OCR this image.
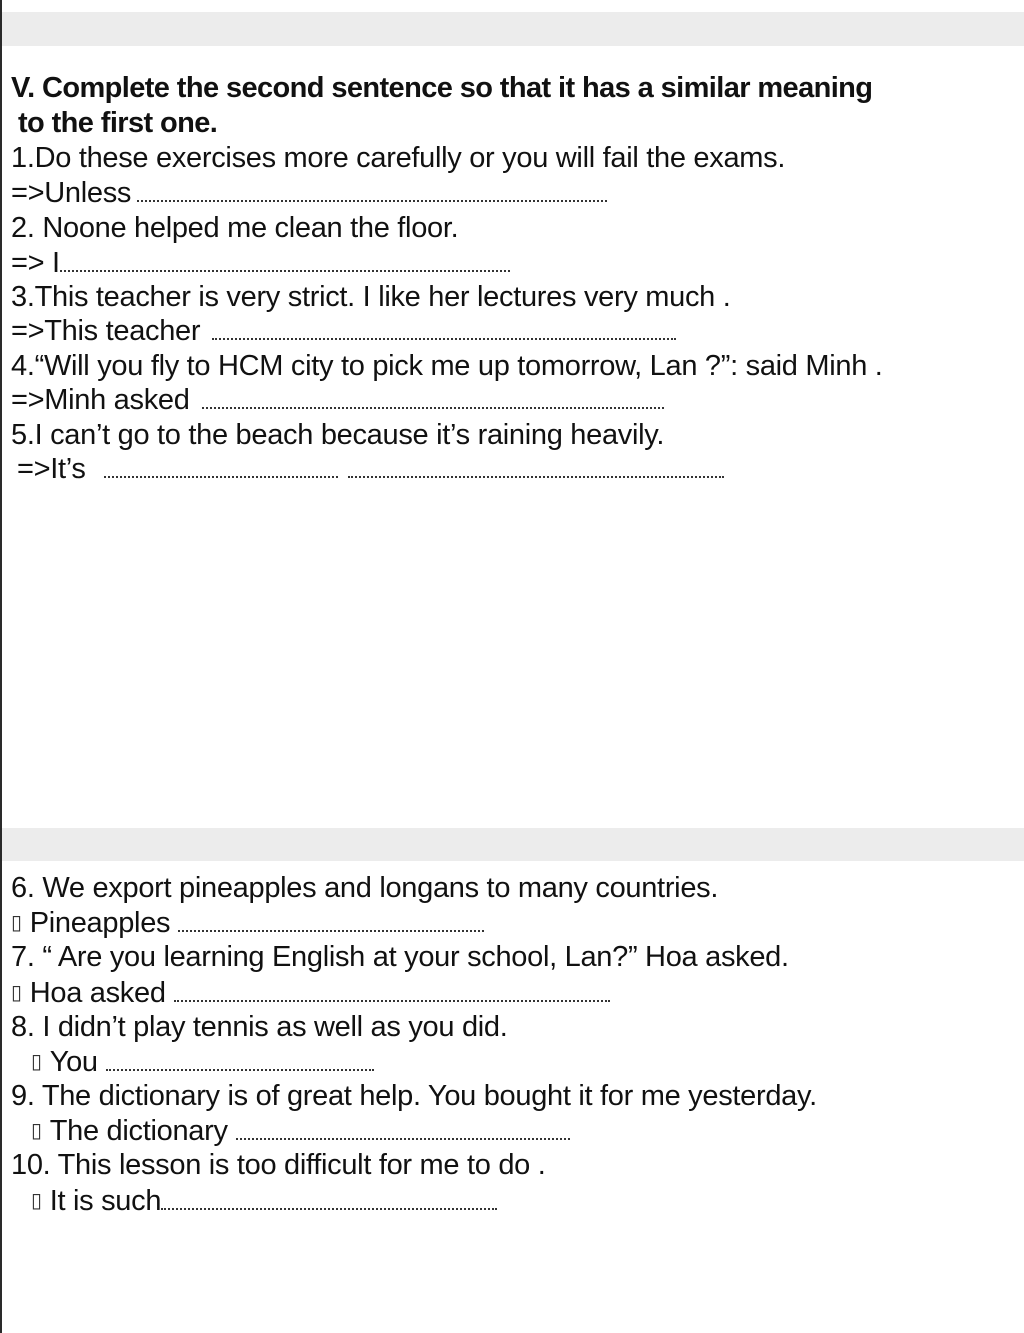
V. Complete the second sentence so that it has a similar meaning
to the first one.
1.Do these exercises more carefully or you will fail the exams.
=>Unless
2. Noone helped me clean the floor.
=> I
3.This teacher is very strict. I like her lectures very much .
=>This teacher
4.“Will you fly to HCM city to pick me up tomorrow, Lan ?”: said Minh .
=>Minh asked
5.I can’t go to the beach because it’s raining heavily.
=>It’s
6. We export pineapples and longans to many countries.
▯ Pineapples
7. “ Are you learning English at your school, Lan?” Hoa asked.
▯ Hoa asked
8. I didn’t play tennis as well as you did.
▯ You
9. The dictionary is of great help. You bought it for me yesterday.
▯ The dictionary
10. This lesson is too difficult for me to do .
▯ It is such
